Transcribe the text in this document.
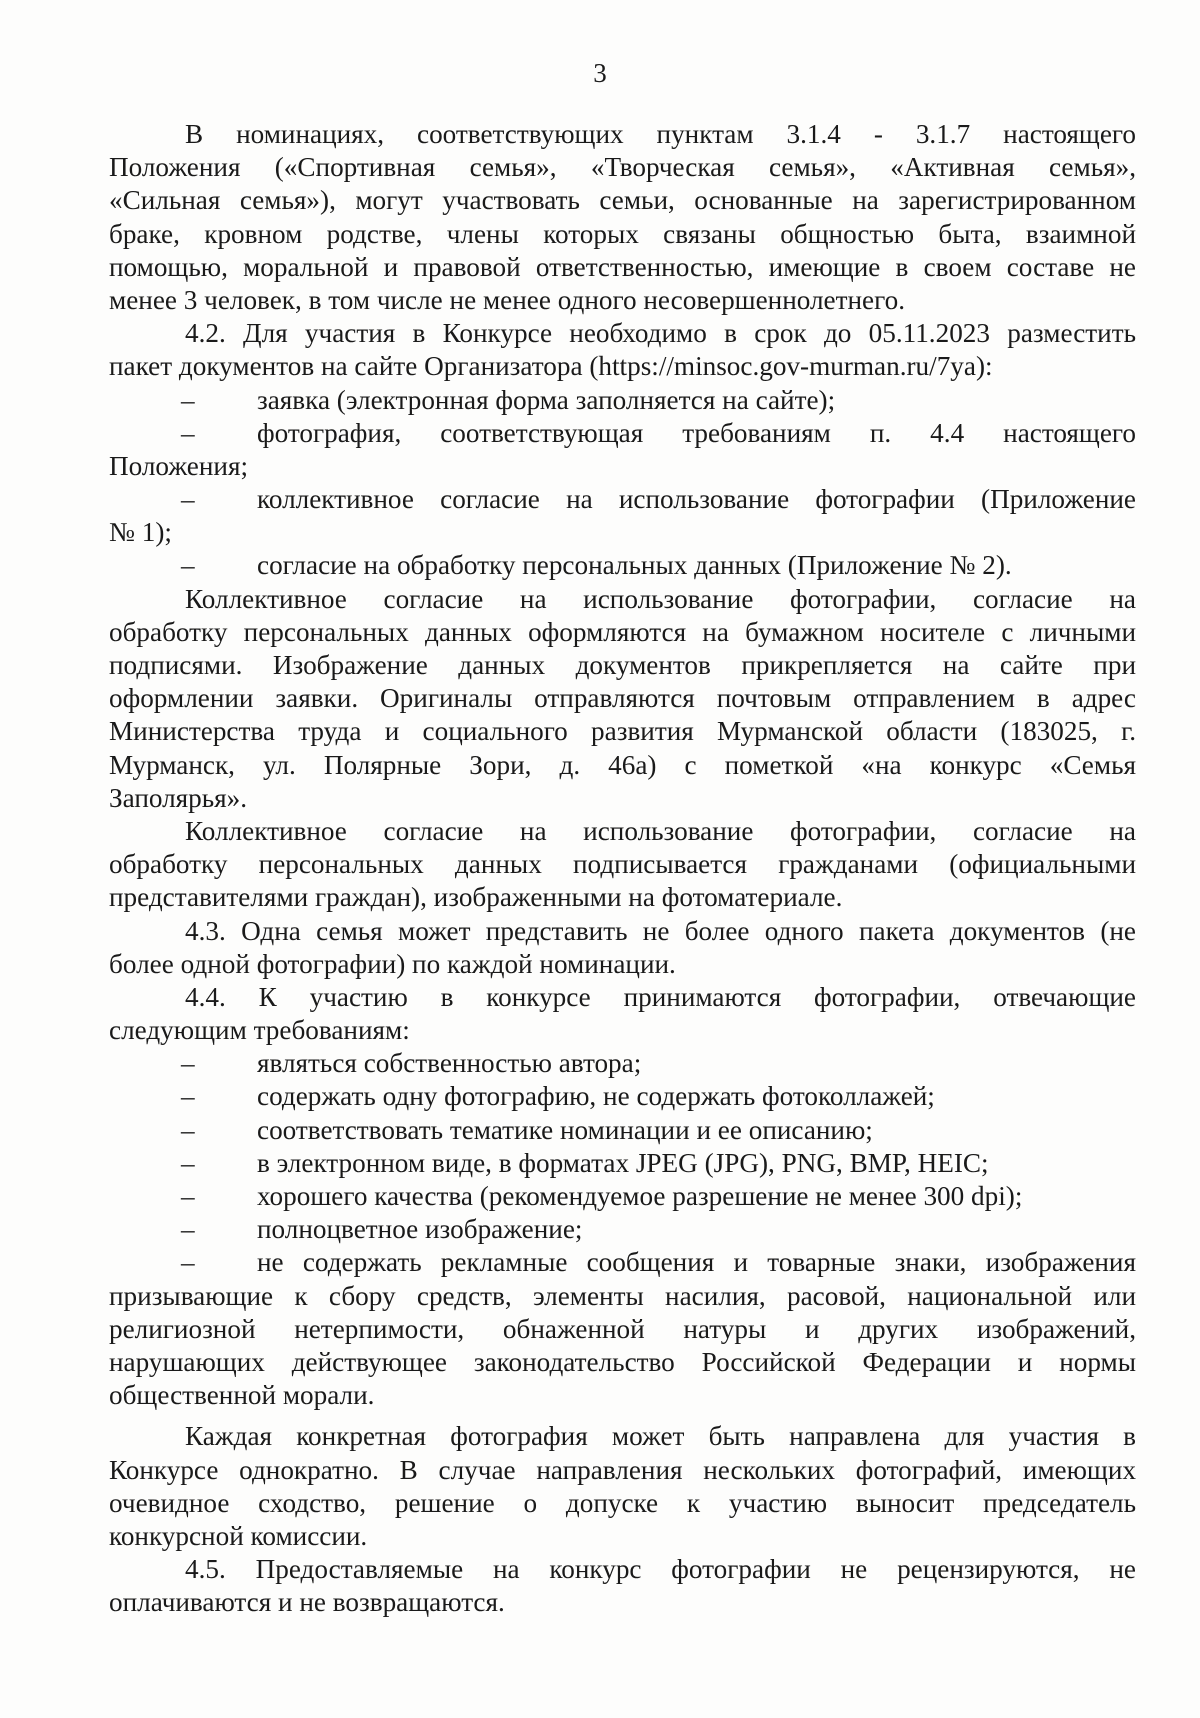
3
В номинациях, соответствующих пунктам 3.1.4 - 3.1.7 настоящего
Положения («Спортивная семья», «Творческая семья», «Активная семья»,
«Сильная семья»), могут участвовать семьи, основанные на зарегистрированном
браке, кровном родстве, члены которых связаны общностью быта, взаимной
помощью, моральной и правовой ответственностью, имеющие в своем составе не
менее 3 человек, в том числе не менее одного несовершеннолетнего.
4.2. Для участия в Конкурсе необходимо в срок до 05.11.2023 разместить
пакет документов на сайте Организатора (https://minsoc.gov-murman.ru/7ya):
–	заявка (электронная форма заполняется на сайте);
–	фотография, соответствующая требованиям п. 4.4 настоящего
Положения;
–	коллективное согласие на использование фотографии (Приложение
№ 1);
–	согласие на обработку персональных данных (Приложение № 2).
Коллективное согласие на использование фотографии, согласие на
обработку персональных данных оформляются на бумажном носителе с личными
подписями. Изображение данных документов прикрепляется на сайте при
оформлении заявки. Оригиналы отправляются почтовым отправлением в адрес
Министерства труда и социального развития Мурманской области (183025, г.
Мурманск, ул. Полярные Зори, д. 46а) с пометкой «на конкурс «Семья
Заполярья».
Коллективное согласие на использование фотографии, согласие на
обработку персональных данных подписывается гражданами (официальными
представителями граждан), изображенными на фотоматериале.
4.3. Одна семья может представить не более одного пакета документов (не
более одной фотографии) по каждой номинации.
4.4. К участию в конкурсе принимаются фотографии, отвечающие
следующим требованиям:
–	являться собственностью автора;
–	содержать одну фотографию, не содержать фотоколлажей;
–	соответствовать тематике номинации и ее описанию;
–	в электронном виде, в форматах JPEG (JPG), PNG, BMP, HEIC;
–	хорошего качества (рекомендуемое разрешение не менее 300 dpi);
–	полноцветное изображение;
–	не содержать рекламные сообщения и товарные знаки, изображения
призывающие к сбору средств, элементы насилия, расовой, национальной или
религиозной нетерпимости, обнаженной натуры и других изображений,
нарушающих действующее законодательство Российской Федерации и нормы
общественной морали.
Каждая конкретная фотография может быть направлена для участия в
Конкурсе однократно. В случае направления нескольких фотографий, имеющих
очевидное сходство, решение о допуске к участию выносит председатель
конкурсной комиссии.
4.5. Предоставляемые на конкурс фотографии не рецензируются, не
оплачиваются и не возвращаются.
